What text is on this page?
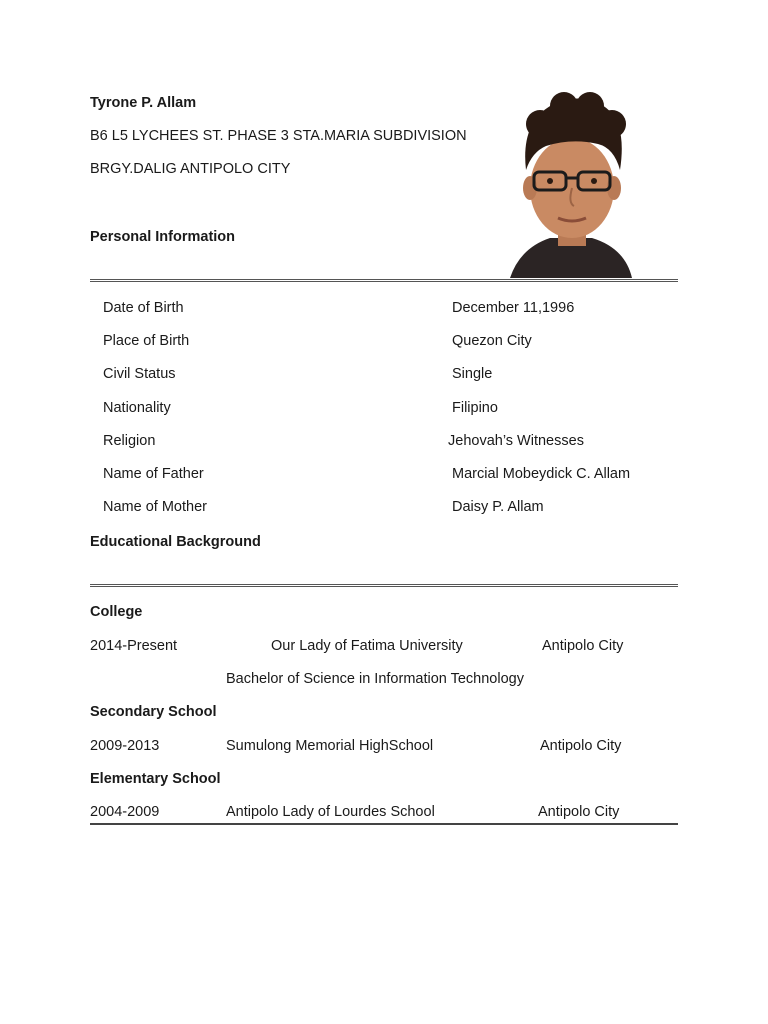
Tyrone P. Allam
B6 L5 LYCHEES ST. PHASE 3 STA.MARIA SUBDIVISION
BRGY.DALIG ANTIPOLO CITY
Personal Information
Date of Birth	December 11,1996
Place of Birth	Quezon City
Civil Status	Single
Nationality	Filipino
Religion	Jehovah’s Witnesses
Name of Father	Marcial Mobeydick C. Allam
Name of Mother	Daisy P. Allam
Educational Background
College
2014-Present	Our Lady of Fatima University	Antipolo City
Bachelor of Science in Information Technology
Secondary School
2009-2013	Sumulong Memorial HighSchool	Antipolo City
Elementary School
2004-2009	Antipolo Lady of Lourdes School	Antipolo City
